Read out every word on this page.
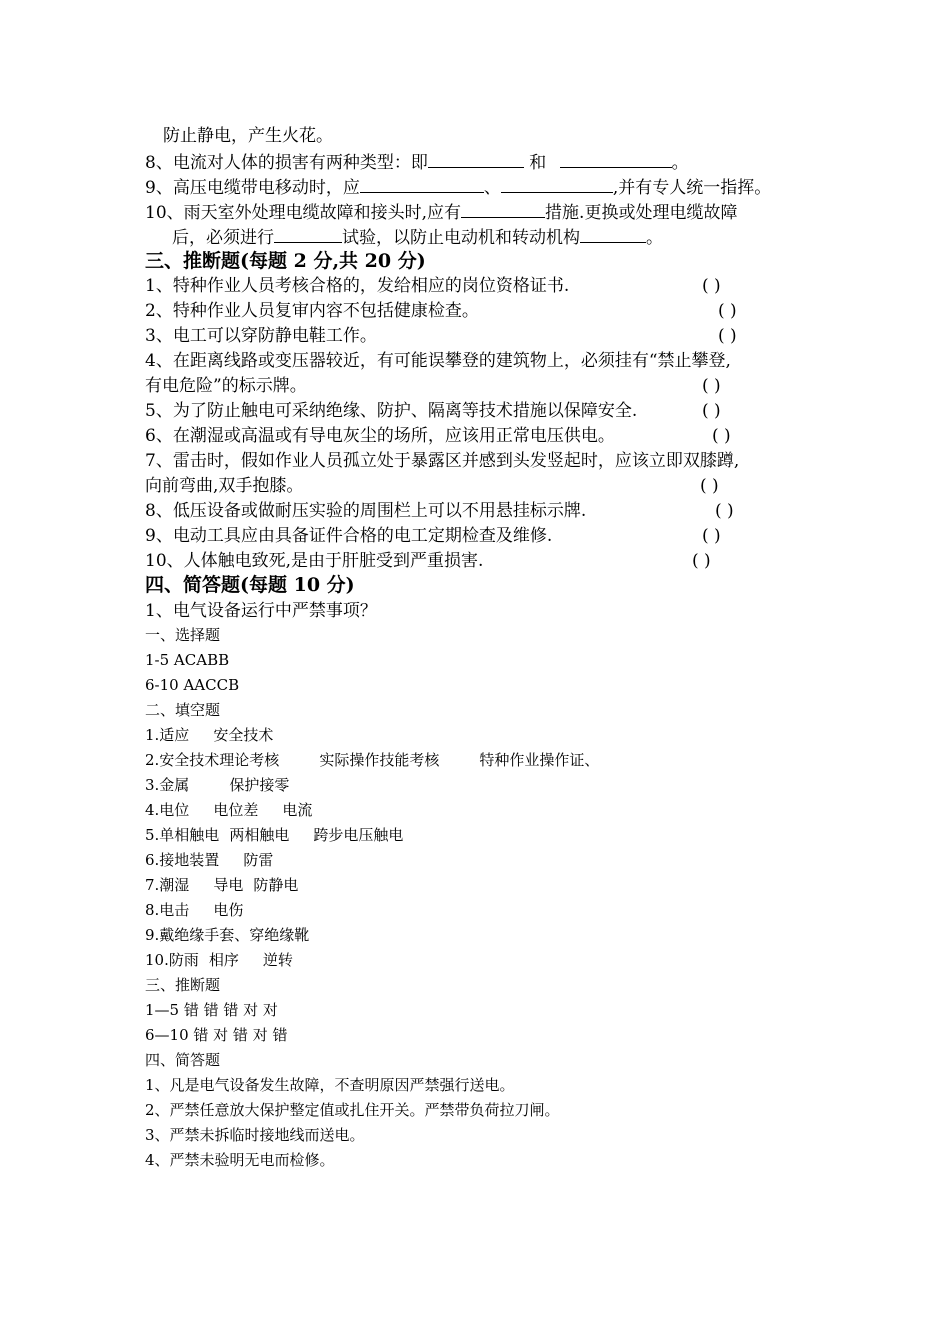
防止静电，产生火花。
8、电流对人体的损害有两种类型：即	和	。
9、高压电缆带电移动时，应	、	,并有专人统一指挥。
10、雨天室外处理电缆故障和接头时,应有	措施.更换或处理电缆故障
后，必须进行	试验，以防止电动机和转动机构	。
三、推断题(每题 2 分,共 20 分)
1、特种作业人员考核合格的，发给相应的岗位资格证书.	( )
2、特种作业人员复审内容不包括健康检查。	( )
3、电工可以穿防静电鞋工作。	( )
4、在距离线路或变压器较近，有可能误攀登的建筑物上，必须挂有“禁止攀登,
有电危险”的标示牌。	( )
5、为了防止触电可采纳绝缘、防护、隔离等技术措施以保障安全.	( )
6、在潮湿或高温或有导电灰尘的场所，应该用正常电压供电。	( )
7、雷击时，假如作业人员孤立处于暴露区并感到头发竖起时，应该立即双膝蹲,
向前弯曲,双手抱膝。	( )
8、低压设备或做耐压实验的周围栏上可以不用悬挂标示牌.	( )
9、电动工具应由具备证件合格的电工定期检查及维修.	( )
10、人体触电致死,是由于肝脏受到严重损害.	( )
四、简答题(每题 10 分)
1、电气设备运行中严禁事项？
一、选择题
1-5 ACABB
6-10 AACCB
二、填空题
1.适应 安全技术
2.安全技术理论考核	实际操作技能考核	特种作业操作证、
3.金属	保护接零
4.电位 电位差 电流
5.单相触电 两相触电 跨步电压触电
6.接地装置 防雷
7.潮湿 导电 防静电
8.电击 电伤
9.戴绝缘手套、穿绝缘靴
10.防雨 相序 逆转
三、推断题
1—5 错 错 错 对 对
6—10 错 对 错 对 错
四、简答题
1、凡是电气设备发生故障，不查明原因严禁强行送电。
2、严禁任意放大保护整定值或扎住开关。严禁带负荷拉刀闸。
3、严禁未拆临时接地线而送电。
4、严禁未验明无电而检修。
